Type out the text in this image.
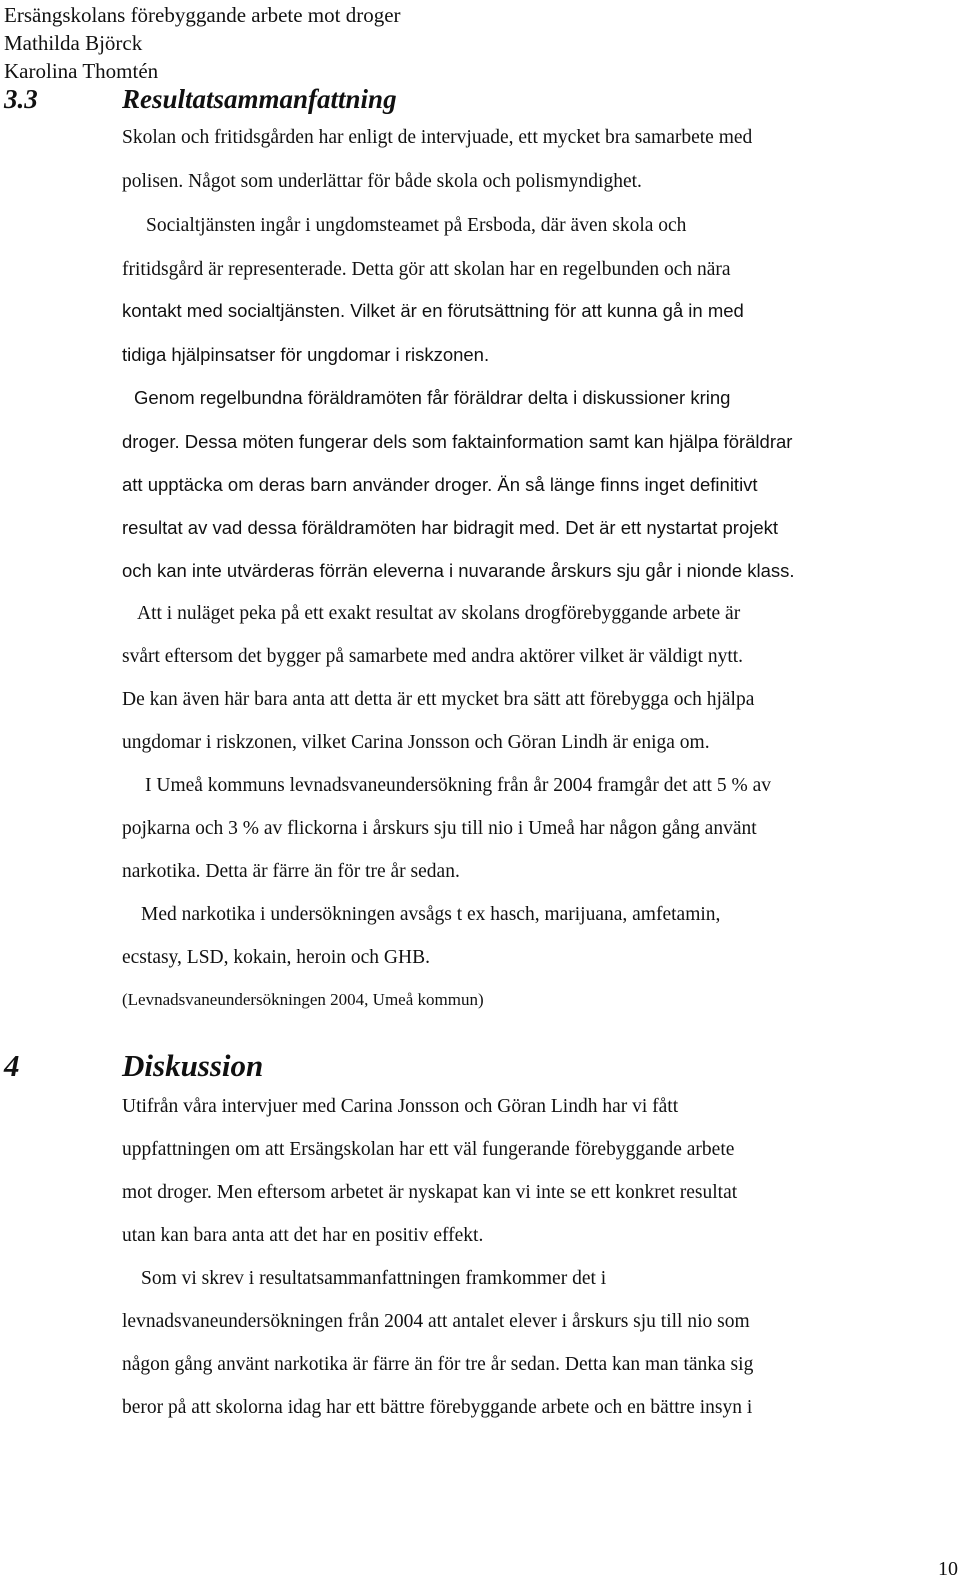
Ersängskolans förebyggande arbete mot droger
Mathilda Björck
Karolina Thomtén
3.3	Resultatsammanfattning
Skolan och fritidsgården har enligt de intervjuade, ett mycket bra samarbete med
polisen. Något som underlättar för både skola och polismyndighet.
Socialtjänsten ingår i ungdomsteamet på Ersboda, där även skola och
fritidsgård är representerade. Detta gör att skolan har en regelbunden och nära
kontakt med socialtjänsten. Vilket är en förutsättning för att kunna gå in med
tidiga hjälpinsatser för ungdomar i riskzonen.
Genom regelbundna föräldramöten får föräldrar delta i diskussioner kring
droger. Dessa möten fungerar dels som faktainformation samt kan hjälpa föräldrar
att upptäcka om deras barn använder droger. Än så länge finns inget definitivt
resultat av vad dessa föräldramöten har bidragit med. Det är ett nystartat projekt
och kan inte utvärderas förrän eleverna i nuvarande årskurs sju går i nionde klass.
Att i nuläget peka på ett exakt resultat av skolans drogförebyggande arbete är
svårt eftersom det bygger på samarbete med andra aktörer vilket är väldigt nytt.
De kan även här bara anta att detta är ett mycket bra sätt att förebygga och hjälpa
ungdomar i riskzonen, vilket Carina Jonsson och Göran Lindh är eniga om.
I Umeå kommuns levnadsvaneundersökning från år 2004 framgår det att 5 % av
pojkarna och 3 % av flickorna i årskurs sju till nio i Umeå har någon gång använt
narkotika. Detta är färre än för tre år sedan.
Med narkotika i undersökningen avsågs t ex hasch, marijuana, amfetamin,
ecstasy, LSD, kokain, heroin och GHB.
(Levnadsvaneundersökningen 2004, Umeå kommun)
4	Diskussion
Utifrån våra intervjuer med Carina Jonsson och Göran Lindh har vi fått
uppfattningen om att Ersängskolan har ett väl fungerande förebyggande arbete
mot droger. Men eftersom arbetet är nyskapat kan vi inte se ett konkret resultat
utan kan bara anta att det har en positiv effekt.
Som vi skrev i resultatsammanfattningen framkommer det i
levnadsvaneundersökningen från 2004 att antalet elever i årskurs sju till nio som
någon gång använt narkotika är färre än för tre år sedan. Detta kan man tänka sig
beror på att skolorna idag har ett bättre förebyggande arbete och en bättre insyn i
10
